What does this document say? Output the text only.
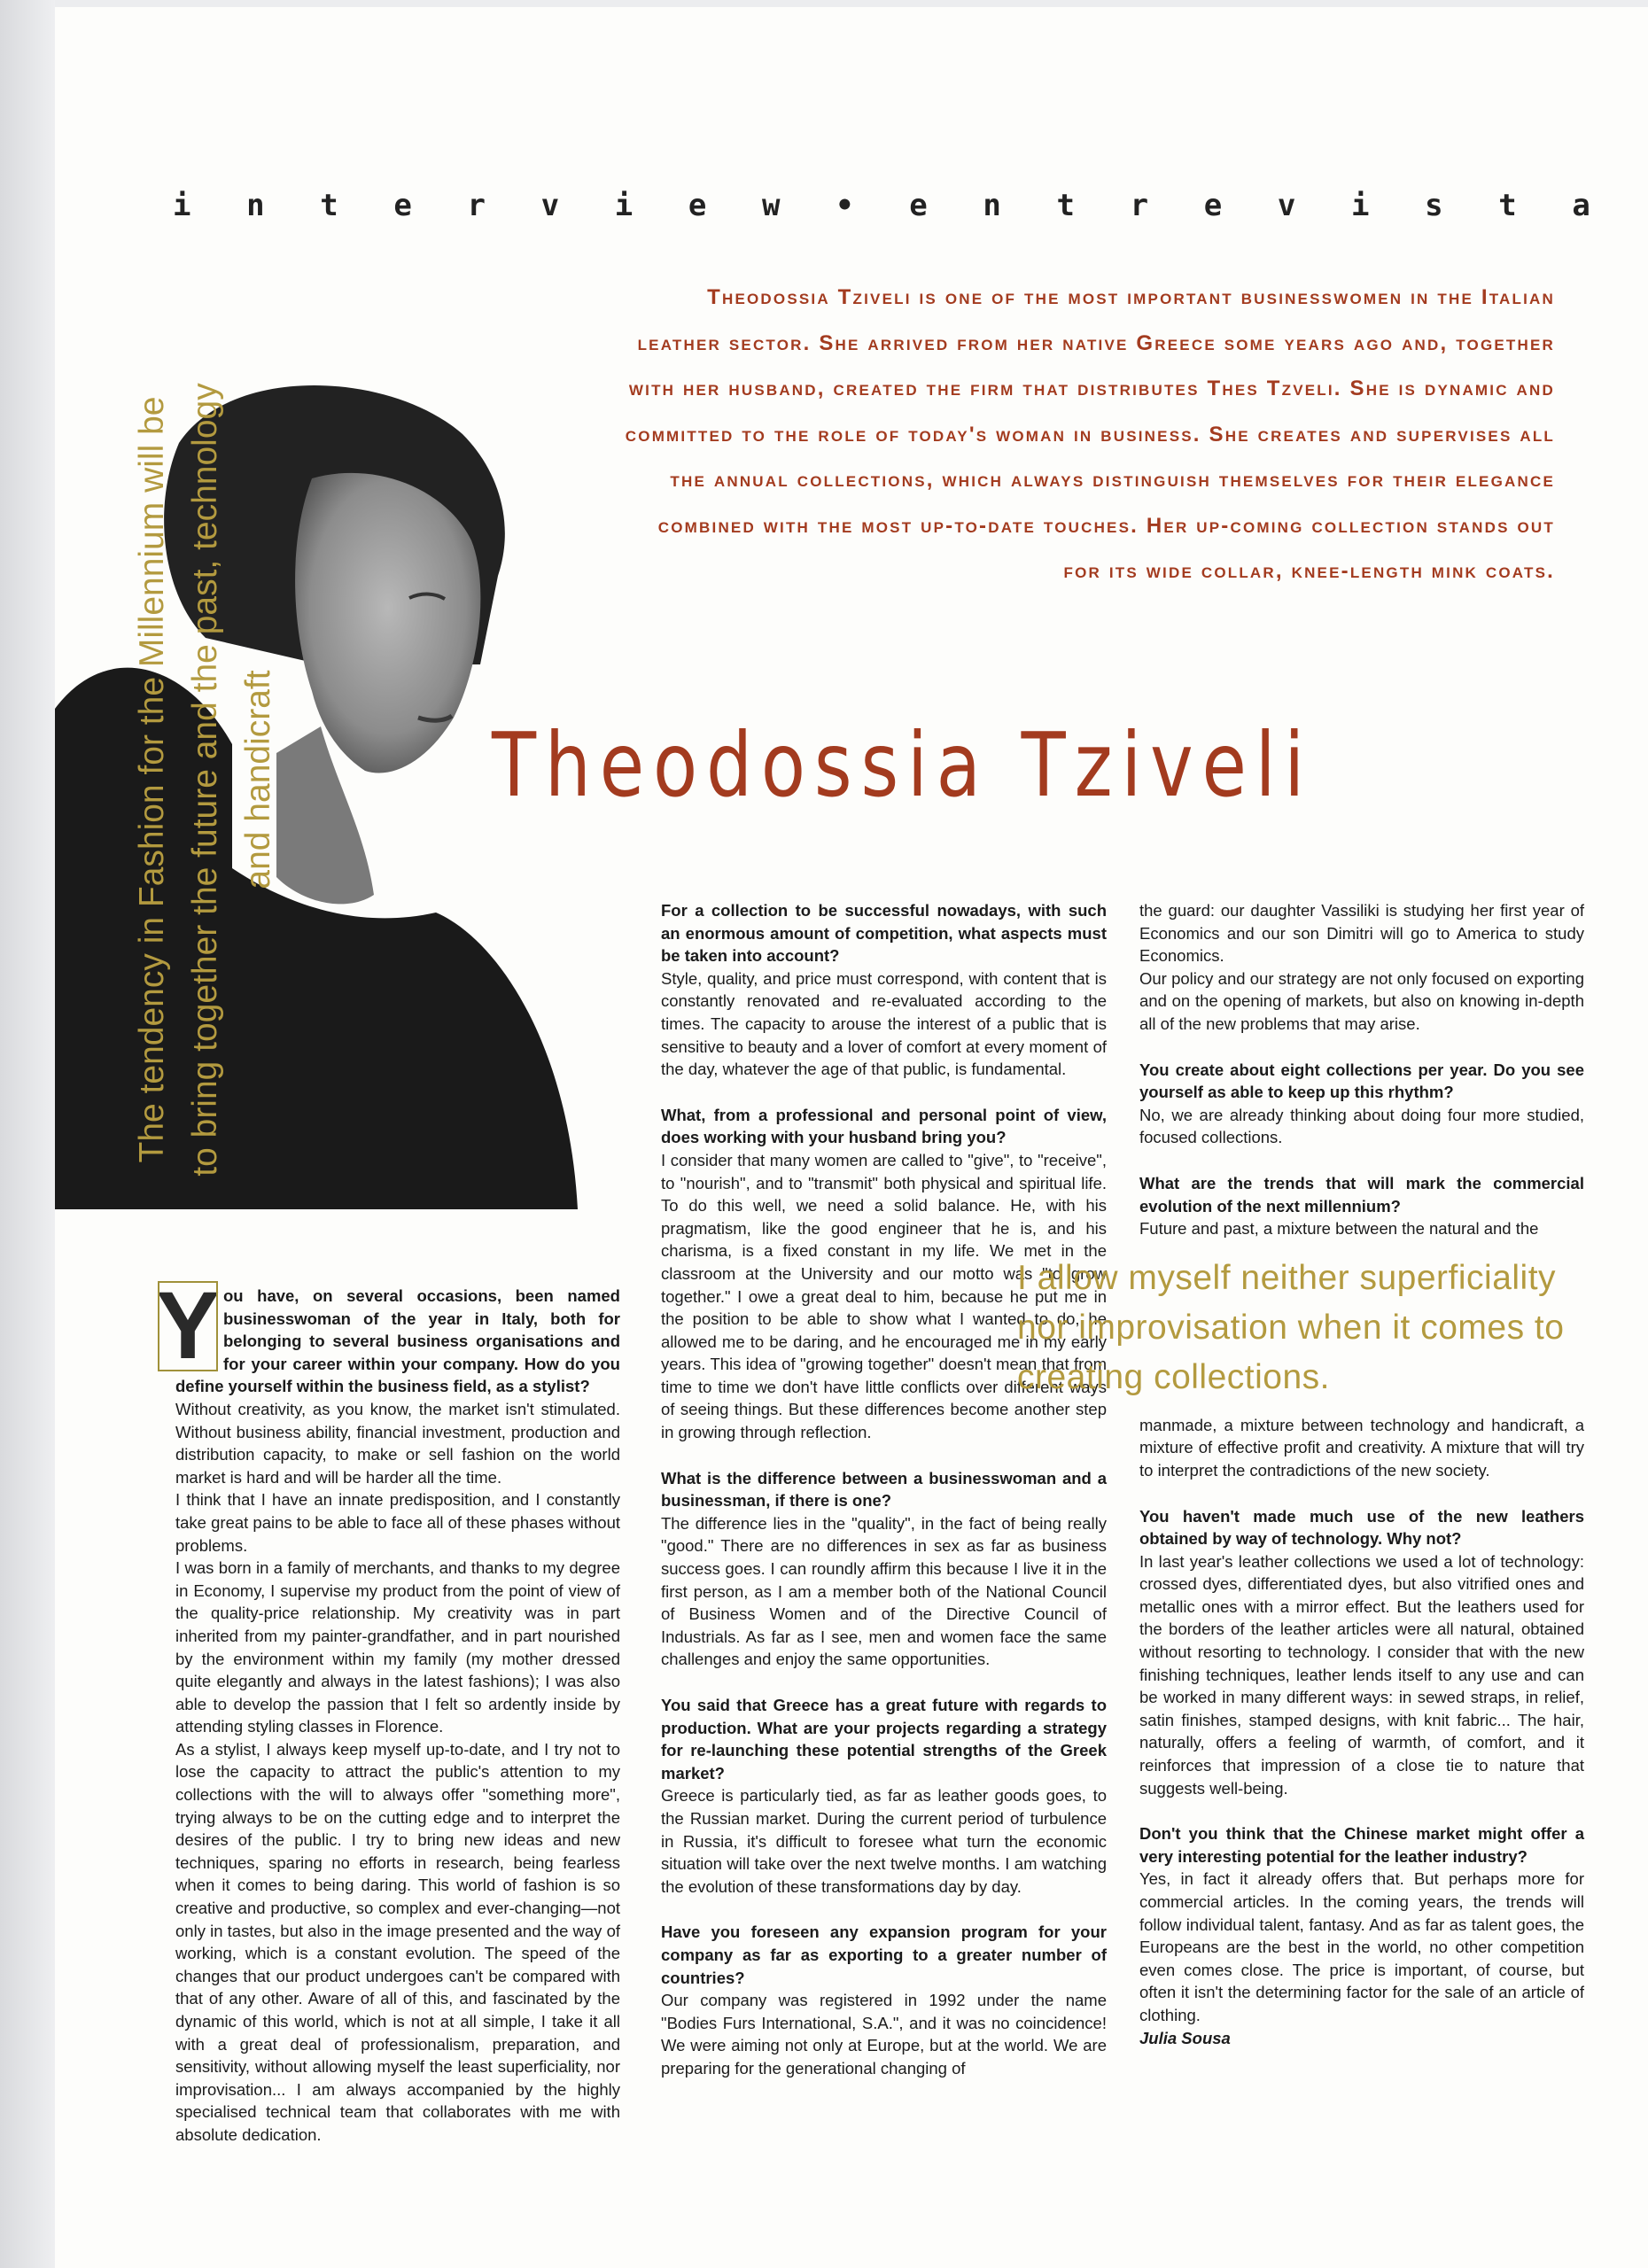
i n t e r v i e w • e n t r e v i s t a

Theodossia Tziveli is one of the most important businesswomen in the Italian leather sector. She arrived from her native Greece some years ago and, together with her husband, created the firm that distributes Thes Tzveli. She is dynamic and committed to the role of today's woman in business. She creates and supervises all the annual collections, which always distinguish themselves for their elegance combined with the most up-to-date touches. Her up-coming collection stands out for its wide collar, knee-length mink coats.

The tendency in Fashion for the Millennium will be to bring together the future and the past, technology and handicraft Theodossia Tziveli

You have, on several occasions, been named businesswoman of the year in Italy, both for belonging to several business organisations and for your career within your company. How do you define yourself within the business field, as a stylist?

Without creativity, as you know, the market isn't stimulated. Without business ability, financial investment, production and distribution capacity, to make or sell fashion on the world market is hard and will be harder all the time.

I think that I have an innate predisposition, and I constantly take great pains to be able to face all of these phases without problems.

I was born in a family of merchants, and thanks to my degree in Economy, I supervise my product from the point of view of the quality-price relationship. My creativity was in part inherited from my painter-grandfather, and in part nourished by the environment within my family (my mother dressed quite elegantly and always in the latest fashions); I was also able to develop the passion that I felt so ardently inside by attending styling classes in Florence.

As a stylist, I always keep myself up-to-date, and I try not to lose the capacity to attract the public's attention to my collections with the will to always offer "something more", trying always to be on the cutting edge and to interpret the desires of the public. I try to bring new ideas and new techniques, sparing no efforts in research, being fearless when it comes to being daring. This world of fashion is so creative and productive, so complex and ever-changing—not only in tastes, but also in the image presented and the way of working, which is a constant evolution. The speed of the changes that our product undergoes can't be compared with that of any other. Aware of all of this, and fascinated by the dynamic of this world, which is not at all simple, I take it all with a great deal of professionalism, preparation, and sensitivity, without allowing myself the least superficiality, nor improvisation... I am always accompanied by the highly specialised technical team that collaborates with me with absolute dedication.

For a collection to be successful nowadays, with such an enormous amount of competition, what aspects must be taken into account?

Style, quality, and price must correspond, with content that is constantly renovated and re-evaluated according to the times. The capacity to arouse the interest of a public that is sensitive to beauty and a lover of comfort at every moment of the day, whatever the age of that public, is fundamental.

What, from a professional and personal point of view, does working with your husband bring you?

I consider that many women are called to "give", to "receive", to "nourish", and to "transmit" both physical and spiritual life. To do this well, we need a solid balance. He, with his pragmatism, like the good engineer that he is, and his charisma, is a fixed constant in my life. We met in the classroom at the University and our motto was "to grow together." I owe a great deal to him, because he put me in the position to be able to show what I wanted to do, he allowed me to be daring, and he encouraged me in my early years. This idea of "growing together" doesn't mean that from time to time we don't have little conflicts over different ways of seeing things. But these differences become another step in growing through reflection.

What is the difference between a businesswoman and a businessman, if there is one?

The difference lies in the "quality", in the fact of being really "good." There are no differences in sex as far as business success goes. I can roundly affirm this because I live it in the first person, as I am a member both of the National Council of Business Women and of the Directive Council of Industrials. As far as I see, men and women face the same challenges and enjoy the same opportunities.

You said that Greece has a great future with regards to production. What are your projects regarding a strategy for re-launching these potential strengths of the Greek market?

Greece is particularly tied, as far as leather goods goes, to the Russian market. During the current period of turbulence in Russia, it's difficult to foresee what turn the economic situation will take over the next twelve months. I am watching the evolution of these transformations day by day.

Have you foreseen any expansion program for your company as far as exporting to a greater number of countries?

Our company was registered in 1992 under the name "Bodies Furs International, S.A.", and it was no coincidence! We were aiming not only at Europe, but at the world. We are preparing for the generational changing of

the guard: our daughter Vassiliki is studying her first year of Economics and our son Dimitri will go to America to study Economics.

Our policy and our strategy are not only focused on exporting and on the opening of markets, but also on knowing in-depth all of the new problems that may arise.

You create about eight collections per year. Do you see yourself as able to keep up this rhythm?

No, we are already thinking about doing four more studied, focused collections.

What are the trends that will mark the commercial evolution of the next millennium?

Future and past, a mixture between the natural and the

manmade, a mixture between technology and handicraft, a mixture of effective profit and creativity. A mixture that will try to interpret the contradictions of the new society.

You haven't made much use of the new leathers obtained by way of technology. Why not?

In last year's leather collections we used a lot of technology: crossed dyes, differentiated dyes, but also vitrified ones and metallic ones with a mirror effect. But the leathers used for the borders of the leather articles were all natural, obtained without resorting to technology. I consider that with the new finishing techniques, leather lends itself to any use and can be worked in many different ways: in sewed straps, in relief, satin finishes, stamped designs, with knit fabric... The hair, naturally, offers a feeling of warmth, of comfort, and it reinforces that impression of a close tie to nature that suggests well-being.

Don't you think that the Chinese market might offer a very interesting potential for the leather industry?

Yes, in fact it already offers that. But perhaps more for commercial articles. In the coming years, the trends will follow individual talent, fantasy. And as far as talent goes, the Europeans are the best in the world, no other competition even comes close. The price is important, of course, but often it isn't the determining factor for the sale of an article of clothing.

Julia Sousa

I allow myself neither superficiality nor improvisation when it comes to creating collections.
